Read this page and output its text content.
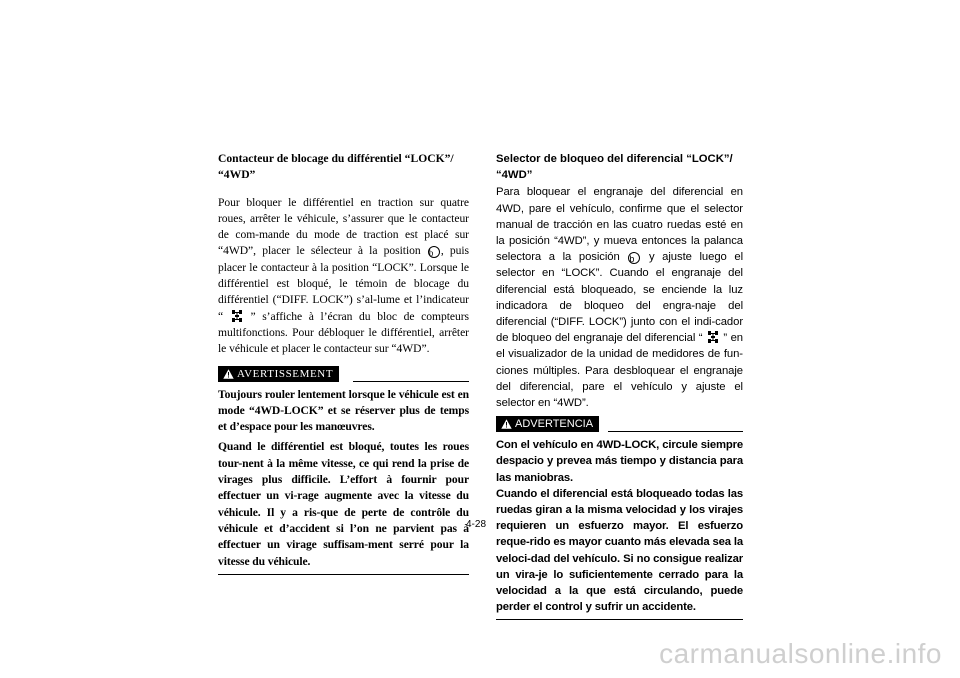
Contacteur de blocage du différentiel “LOCK”/ “4WD”

Pour bloquer le différentiel en traction sur quatre roues, arrêter le véhicule, s’assurer que le contacteur de com-mande du mode de traction est placé sur “4WD”, placer le sélecteur à la position b , puis placer le contacteur à la position “LOCK”. Lorsque le différentiel est bloqué, le témoin de blocage du différentiel (“DIFF. LOCK”) s’al-lume et l’indicateur “  ” s’affiche à l’écran du bloc de compteurs multifonctions. Pour débloquer le différentiel, arrêter le véhicule et placer le contacteur sur “4WD”.

AVERTISSEMENT

Toujours rouler lentement lorsque le véhicule est en mode “4WD-LOCK” et se réserver plus de temps et d’espace pour les manœuvres.

Quand le différentiel est bloqué, toutes les roues tour-nent à la même vitesse, ce qui rend la prise de virages plus difficile. L’effort à fournir pour effectuer un vi-rage augmente avec la vitesse du véhicule. Il y a ris-que de perte de contrôle du véhicule et d’accident si l’on ne parvient pas à effectuer un virage suffisam-ment serré pour la vitesse du véhicule.

Selector de bloqueo del diferencial “LOCK”/ “4WD”

Para bloquear el engranaje del diferencial en 4WD, pare el vehículo, confirme que el selector manual de tracción en las cuatro ruedas esté en la posición “4WD”, y mueva entonces la palanca selectora a la posición b y ajuste luego el selector en “LOCK”. Cuando el engranaje del diferencial está bloqueado, se enciende la luz indicadora de bloqueo del engra-naje del diferencial (“DIFF. LOCK”) junto con el indi-cador de bloqueo del engranaje del diferencial “  ” en el visualizador de la unidad de medidores de fun-ciones múltiples. Para desbloquear el engranaje del diferencial, pare el vehículo y ajuste el selector en “4WD”.

ADVERTENCIA

Con el vehículo en 4WD-LOCK, circule siempre despacio y prevea más tiempo y distancia para las maniobras.

Cuando el diferencial está bloqueado todas las ruedas giran a la misma velocidad y los virajes requieren un esfuerzo mayor. El esfuerzo reque-rido es mayor cuanto más elevada sea la veloci-dad del vehículo. Si no consigue realizar un vira-je lo suficientemente cerrado para la velocidad a la que está circulando, puede perder el control y sufrir un accidente.

4-28
carmanualsonline.info
